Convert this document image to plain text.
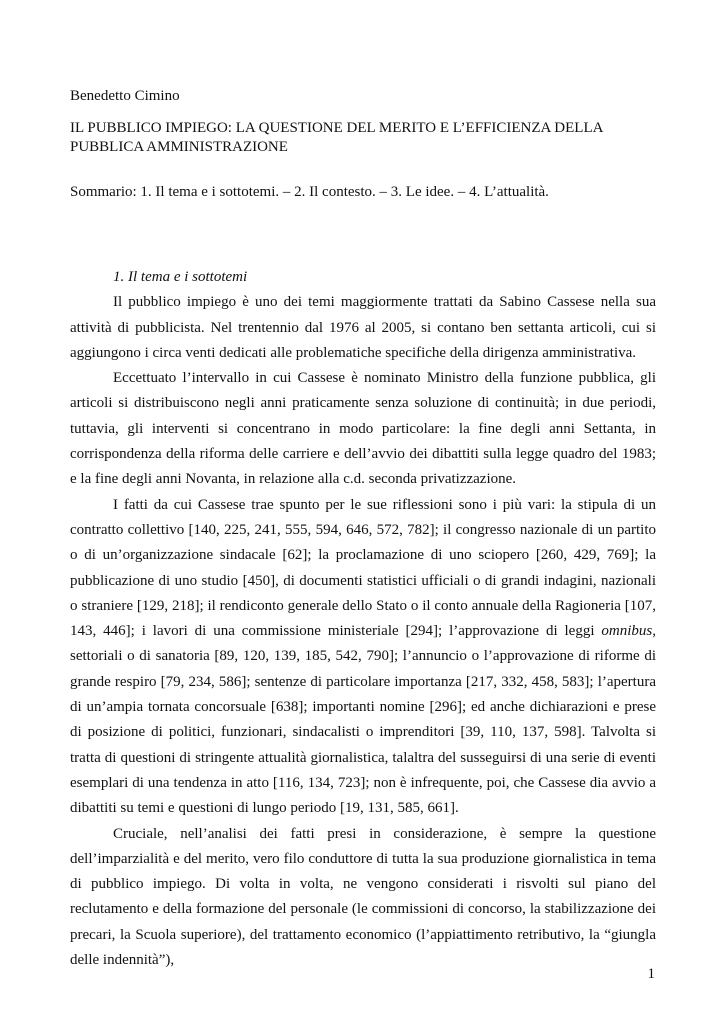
Benedetto Cimino
IL PUBBLICO IMPIEGO: LA QUESTIONE DEL MERITO E L’EFFICIENZA DELLA
PUBBLICA AMMINISTRAZIONE
Sommario: 1. Il tema e i sottotemi. – 2. Il contesto. – 3. Le idee. – 4. L’attualità.

1. Il tema e i sottotemi

Il pubblico impiego è uno dei temi maggiormente trattati da Sabino Cassese nella sua attività di pubblicista. Nel trentennio dal 1976 al 2005, si contano ben settanta articoli, cui si aggiungono i circa venti dedicati alle problematiche specifiche della dirigenza amministrativa.

Eccettuato l’intervallo in cui Cassese è nominato Ministro della funzione pubblica, gli articoli si distribuiscono negli anni praticamente senza soluzione di continuità; in due periodi, tuttavia, gli interventi si concentrano in modo particolare: la fine degli anni Settanta, in corrispondenza della riforma delle carriere e dell’avvio dei dibattiti sulla legge quadro del 1983; e la fine degli anni Novanta, in relazione alla c.d. seconda privatizzazione.

I fatti da cui Cassese trae spunto per le sue riflessioni sono i più vari: la stipula di un contratto collettivo [140, 225, 241, 555, 594, 646, 572, 782]; il congresso nazionale di un partito o di un’organizzazione sindacale [62]; la proclamazione di uno sciopero [260, 429, 769]; la pubblicazione di uno studio [450], di documenti statistici ufficiali o di grandi indagini, nazionali o straniere [129, 218]; il rendiconto generale dello Stato o il conto annuale della Ragioneria [107, 143, 446]; i lavori di una commissione ministeriale [294]; l’approvazione di leggi omnibus, settoriali o di sanatoria [89, 120, 139, 185, 542, 790]; l’annuncio o l’approvazione di riforme di grande respiro [79, 234, 586]; sentenze di particolare importanza [217, 332, 458, 583]; l’apertura di un’ampia tornata concorsuale [638]; importanti nomine [296]; ed anche dichiarazioni e prese di posizione di politici, funzionari, sindacalisti o imprenditori [39, 110, 137, 598]. Talvolta si tratta di questioni di stringente attualità giornalistica, talaltra del susseguirsi di una serie di eventi esemplari di una tendenza in atto [116, 134, 723]; non è infrequente, poi, che Cassese dia avvio a dibattiti su temi e questioni di lungo periodo [19, 131, 585, 661].

Cruciale, nell’analisi dei fatti presi in considerazione, è sempre la questione dell’imparzialità e del merito, vero filo conduttore di tutta la sua produzione giornalistica in tema di pubblico impiego. Di volta in volta, ne vengono considerati i risvolti sul piano del reclutamento e della formazione del personale (le commissioni di concorso, la stabilizzazione dei precari, la Scuola superiore), del trattamento economico (l’appiattimento retributivo, la “giungla delle indennità”),

1
